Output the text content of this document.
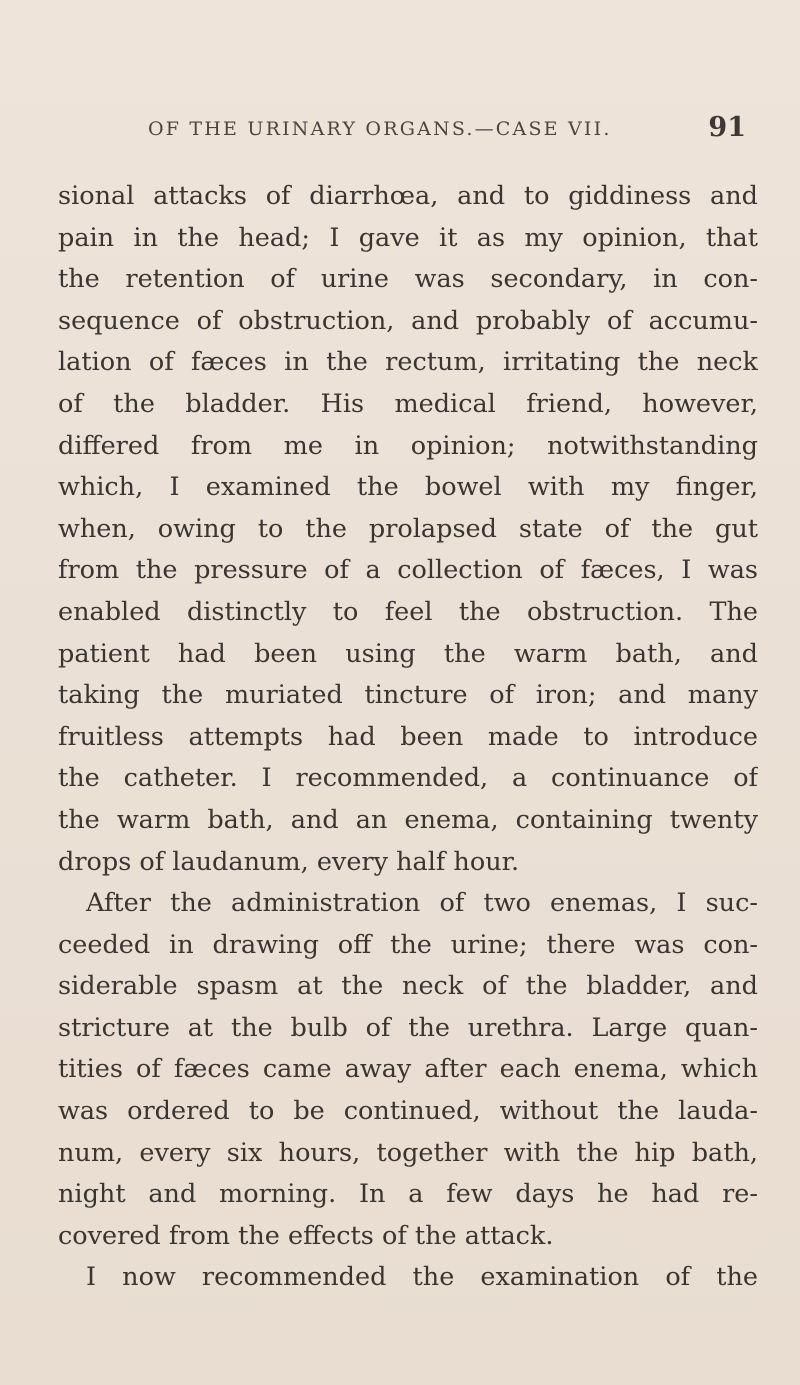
OF THE URINARY ORGANS.—CASE VII.	91
sional attacks of diarrhœa, and to giddiness and
pain in the head; I gave it as my opinion, that
the retention of urine was secondary, in con-
sequence of obstruction, and probably of accumu-
lation of fæces in the rectum, irritating the neck
of the bladder. His medical friend, however,
differed from me in opinion; notwithstanding
which, I examined the bowel with my finger,
when, owing to the prolapsed state of the gut
from the pressure of a collection of fæces, I was
enabled distinctly to feel the obstruction. The
patient had been using the warm bath, and
taking the muriated tincture of iron; and many
fruitless attempts had been made to introduce
the catheter. I recommended, a continuance of
the warm bath, and an enema, containing twenty
drops of laudanum, every half hour.
After the administration of two enemas, I suc-
ceeded in drawing off the urine; there was con-
siderable spasm at the neck of the bladder, and
stricture at the bulb of the urethra. Large quan-
tities of fæces came away after each enema, which
was ordered to be continued, without the lauda-
num, every six hours, together with the hip bath,
night and morning. In a few days he had re-
covered from the effects of the attack.
I now recommended the examination of the
